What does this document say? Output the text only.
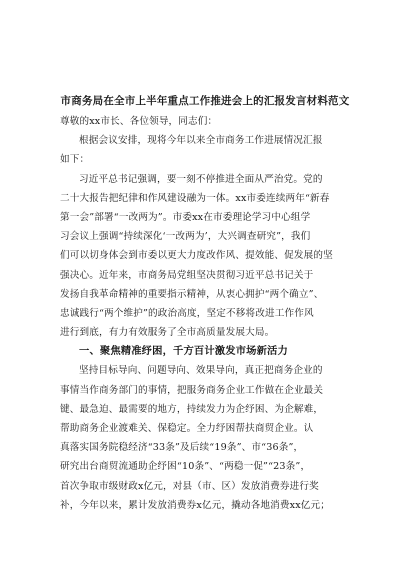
市商务局在全市上半年重点工作推进会上的汇报发言材料范文
尊敬的xx市长、各位领导，同志们：
根据会议安排，现将今年以来全市商务工作进展情况汇报
如下：
习近平总书记强调，要一刻不停推进全面从严治党。党的
二十大报告把纪律和作风建设融为一体。xx市委连续两年“新春
第一会”部署“一改两为”。市委xx在市委理论学习中心组学
习会议上强调“持续深化‘一改两为’，大兴调查研究”，我们
们可以切身体会到市委以更大力度改作风、提效能、促发展的坚
强决心。近年来，市商务局党组坚决贯彻习近平总书记关于
发扬自我革命精神的重要指示精神，从衷心拥护“两个确立”、
忠诚践行“两个维护”的政治高度，坚定不移将改进工作作风
进行到底，有力有效服务了全市高质量发展大局。
一、聚焦精准纾困，千方百计激发市场新活力
坚持目标导向、问题导向、效果导向，真正把商务企业的
事情当作商务部门的事情，把服务商务企业工作做在企业最关
键、最急迫、最需要的地方，持续发力为企纾困、为企解难，
帮助商务企业渡难关、保稳定。全力纾困帮扶商贸企业。认
真落实国务院稳经济“33条”及后续“19条”、市“36条”，
研究出台商贸流通助企纾困“10条”、“两稳一促”“23条”，
首次争取市级财政x亿元，对县（市、区）发放消费券进行奖
补，今年以来，累计发放消费券x亿元，撬动各地消费xx亿元；
